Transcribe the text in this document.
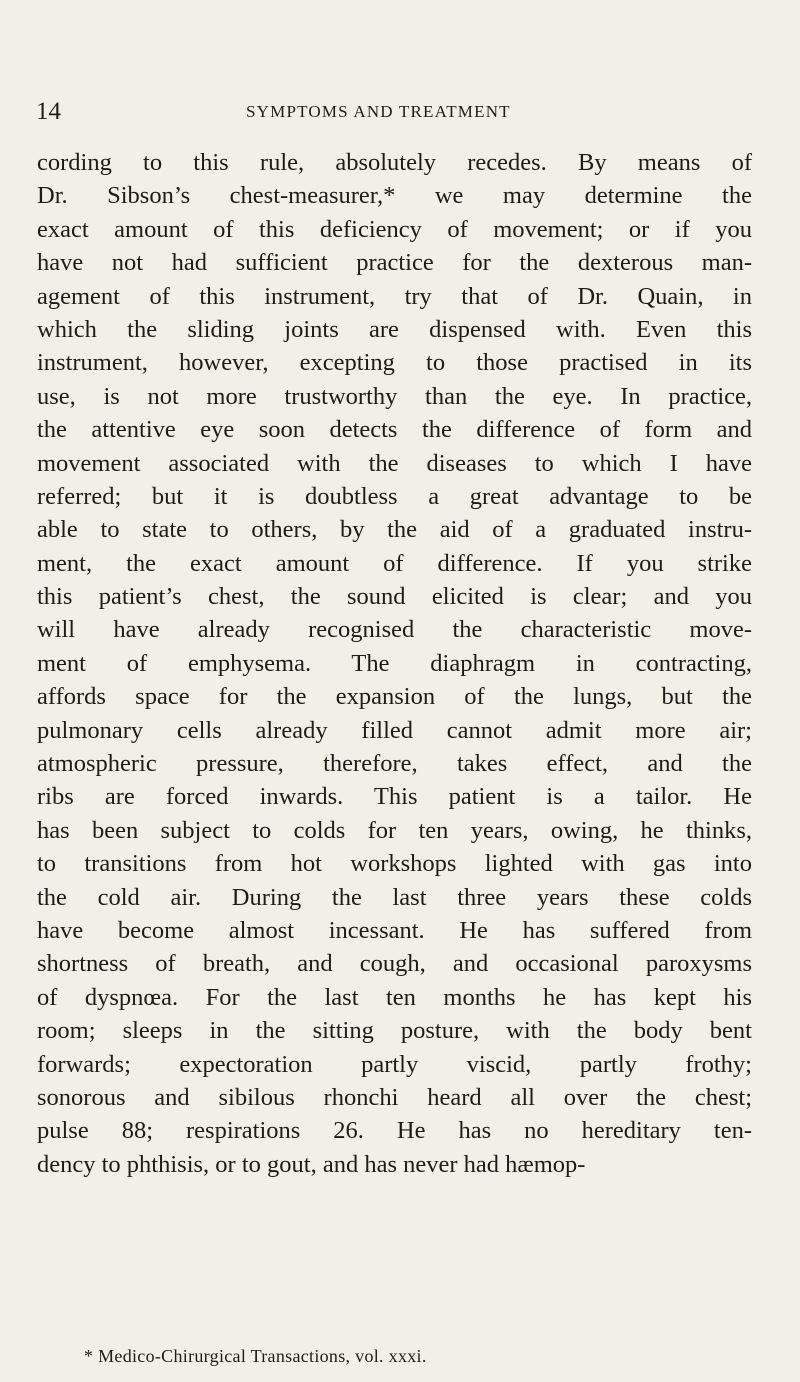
14	SYMPTOMS AND TREATMENT
cording to this rule, absolutely recedes. By means of
Dr. Sibson’s chest-measurer,* we may determine the
exact amount of this deficiency of movement; or if you
have not had sufficient practice for the dexterous man-
agement of this instrument, try that of Dr. Quain, in
which the sliding joints are dispensed with. Even this
instrument, however, excepting to those practised in its
use, is not more trustworthy than the eye. In practice,
the attentive eye soon detects the difference of form and
movement associated with the diseases to which I have
referred; but it is doubtless a great advantage to be
able to state to others, by the aid of a graduated instru-
ment, the exact amount of difference. If you strike
this patient’s chest, the sound elicited is clear; and you
will have already recognised the characteristic move-
ment of emphysema. The diaphragm in contracting,
affords space for the expansion of the lungs, but the
pulmonary cells already filled cannot admit more air;
atmospheric pressure, therefore, takes effect, and the
ribs are forced inwards. This patient is a tailor. He
has been subject to colds for ten years, owing, he thinks,
to transitions from hot workshops lighted with gas into
the cold air. During the last three years these colds
have become almost incessant. He has suffered from
shortness of breath, and cough, and occasional paroxysms
of dyspnœa. For the last ten months he has kept his
room; sleeps in the sitting posture, with the body bent
forwards; expectoration partly viscid, partly frothy;
sonorous and sibilous rhonchi heard all over the chest;
pulse 88; respirations 26. He has no hereditary ten-
dency to phthisis, or to gout, and has never had hæmop-
* Medico-Chirurgical Transactions, vol. xxxi.
